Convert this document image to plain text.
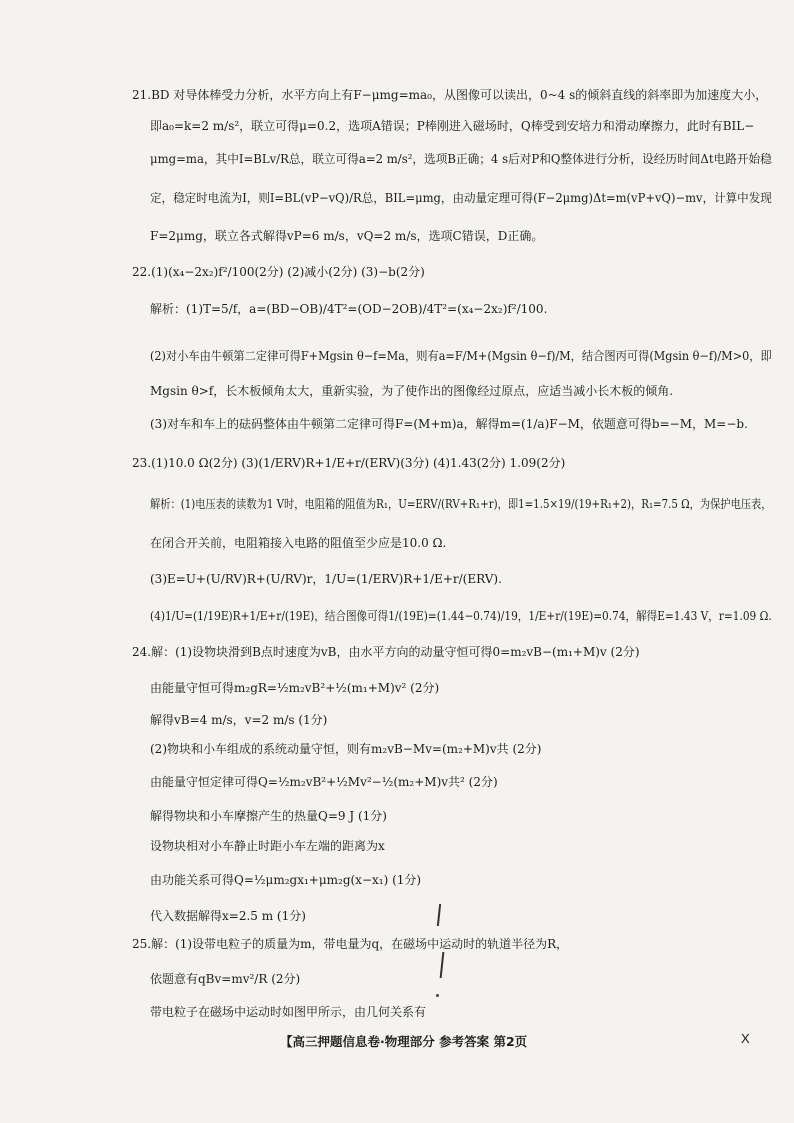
21.BD 对导体棒受力分析，水平方向上有F−μmg=ma₀，从图像可以读出，0~4 s的倾斜直线的斜率即为加速度大小，
即a₀=k=2 m/s²，联立可得μ=0.2，选项A错误；P棒刚进入磁场时，Q棒受到安培力和滑动摩擦力，此时有BIL−
μmg=ma，其中I=BLv/R总，联立可得a=2 m/s²，选项B正确；4 s后对P和Q整体进行分析，设经历时间Δt电路开始稳
定，稳定时电流为I，则I=BL(vP−vQ)/R总，BIL=μmg，由动量定理可得(F−2μmg)Δt=m(vP+vQ)−mv，计算中发现
F=2μmg，联立各式解得vP=6 m/s，vQ=2 m/s，选项C错误，D正确。
22.(1)(x₄−2x₂)f²/100(2分) (2)减小(2分) (3)−b(2分)
解析：(1)T=5/f，a=(BD−OB)/4T²=(OD−2OB)/4T²=(x₄−2x₂)f²/100.
(2)对小车由牛顿第二定律可得F+Mgsin θ−f=Ma，则有a=F/M+(Mgsin θ−f)/M，结合图丙可得(Mgsin θ−f)/M>0，即
Mgsin θ>f，长木板倾角太大，重新实验，为了使作出的图像经过原点，应适当减小长木板的倾角.
(3)对车和车上的砝码整体由牛顿第二定律可得F=(M+m)a，解得m=(1/a)F−M，依题意可得b=−M，M=−b.
23.(1)10.0 Ω(2分) (3)(1/ERV)R+1/E+r/(ERV)(3分) (4)1.43(2分) 1.09(2分)
解析：(1)电压表的读数为1 V时，电阻箱的阻值为R₁，U=ERV/(RV+R₁+r)，即1=1.5×19/(19+R₁+2)，R₁=7.5 Ω，为保护电压表，
在闭合开关前，电阻箱接入电路的阻值至少应是10.0 Ω.
(3)E=U+(U/RV)R+(U/RV)r，1/U=(1/ERV)R+1/E+r/(ERV).
(4)1/U=(1/19E)R+1/E+r/(19E)，结合图像可得1/(19E)=(1.44−0.74)/19，1/E+r/(19E)=0.74，解得E=1.43 V，r=1.09 Ω.
24.解：(1)设物块滑到B点时速度为vB，由水平方向的动量守恒可得0=m₂vB−(m₁+M)v (2分)
由能量守恒可得m₂gR=½m₂vB²+½(m₁+M)v² (2分)
解得vB=4 m/s，v=2 m/s (1分)
(2)物块和小车组成的系统动量守恒，则有m₂vB−Mv=(m₂+M)v共 (2分)
由能量守恒定律可得Q=½m₂vB²+½Mv²−½(m₂+M)v共² (2分)
解得物块和小车摩擦产生的热量Q=9 J (1分)
设物块相对小车静止时距小车左端的距离为x
由功能关系可得Q=½μm₂gx₁+μm₂g(x−x₁) (1分)
代入数据解得x=2.5 m (1分)
25.解：(1)设带电粒子的质量为m，带电量为q，在磁场中运动时的轨道半径为R，
依题意有qBv=mv²/R (2分)
带电粒子在磁场中运动时如图甲所示，由几何关系有
【高三押题信息卷·物理部分 参考答案 第2页	X
